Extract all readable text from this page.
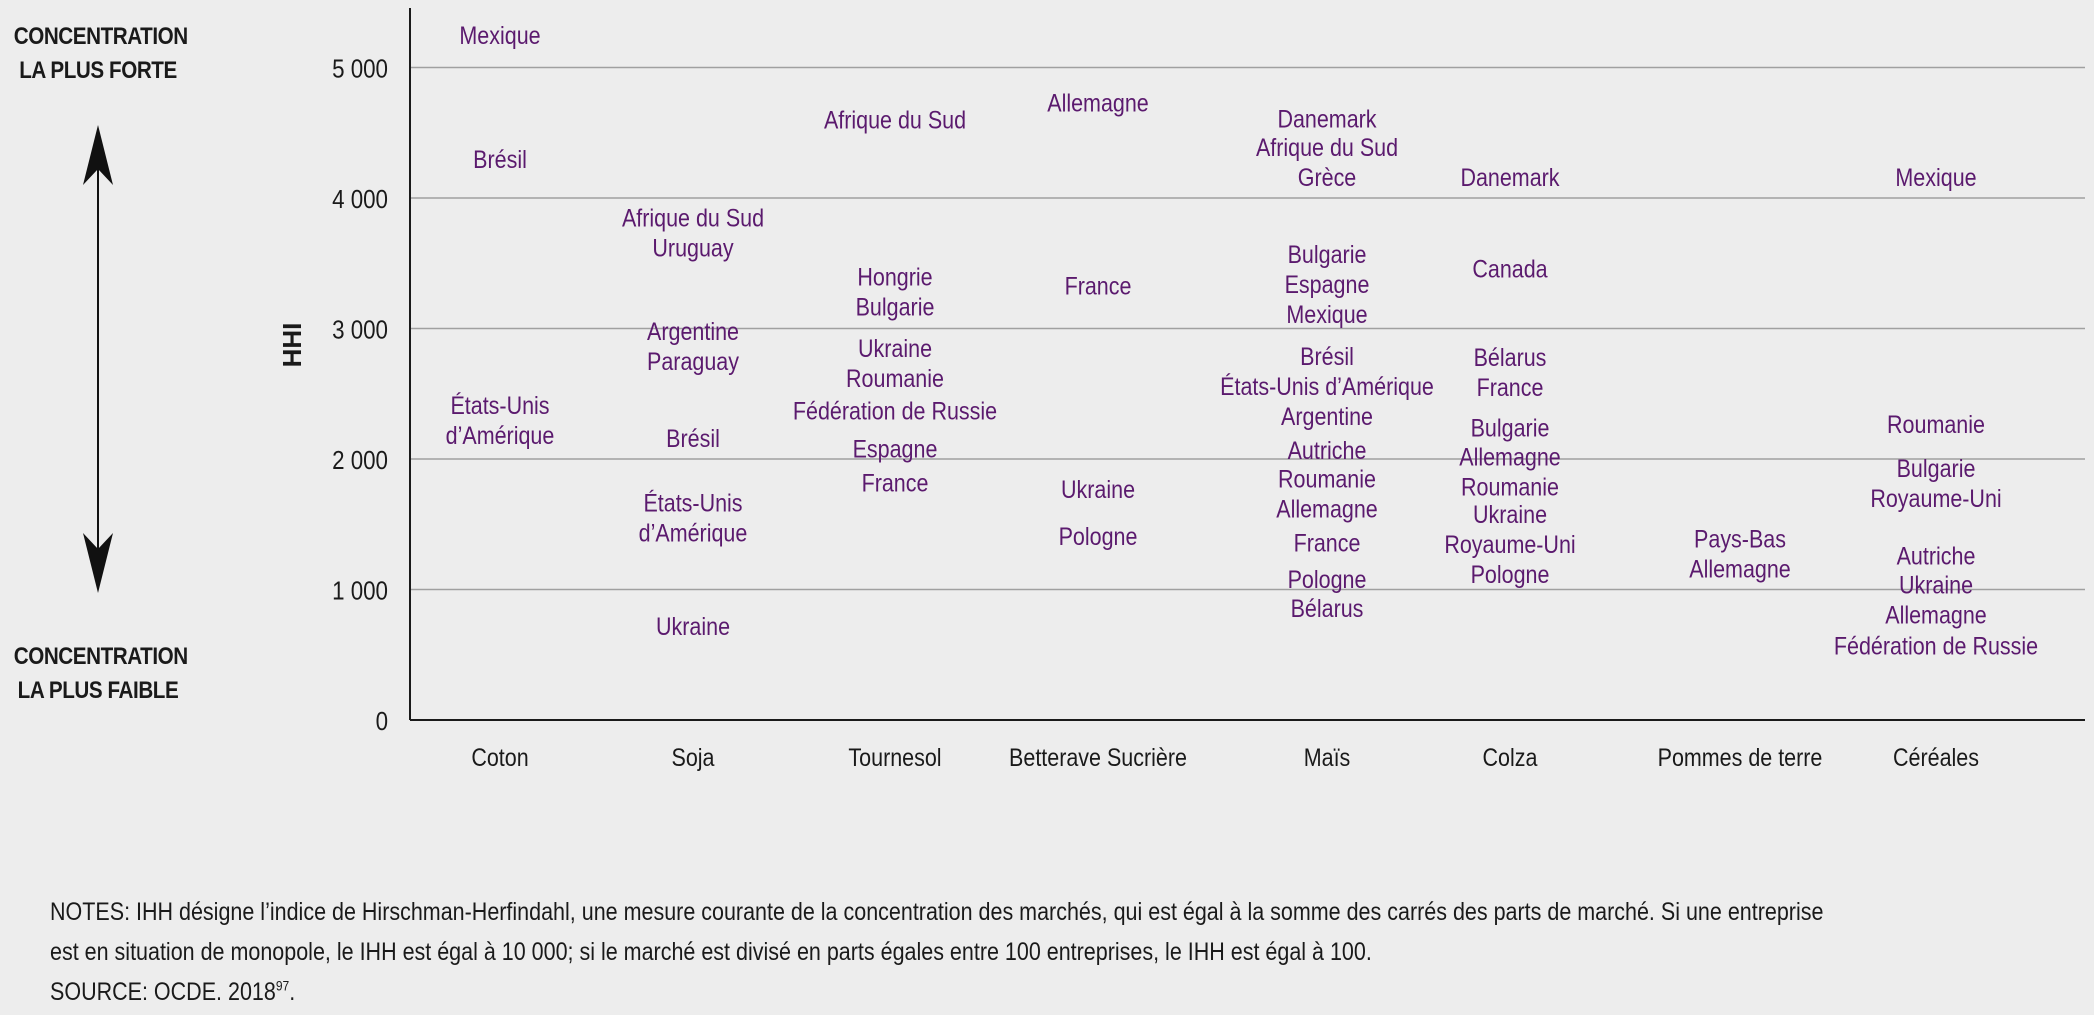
CONCENTRATION
LA PLUS FORTE
CONCENTRATION
LA PLUS FAIBLE
0
1 000
2 000
3 000
4 000
5 000
IHH
Coton	Soja	Tournesol	Betterave Sucrière	Maïs	Colza	Pommes de terre	Céréales
Mexique
Brésil
États-Unis
d’Amérique
Afrique du Sud
Uruguay
Argentine
Paraguay
Brésil
États-Unis
d’Amérique
Ukraine
Afrique du Sud
Hongrie
Bulgarie
Ukraine
Roumanie
Fédération de Russie
Espagne
France
Allemagne
France
Ukraine
Pologne
Danemark
Afrique du Sud
Grèce
Bulgarie
Espagne
Mexique
Brésil
États-Unis d’Amérique
Argentine
Autriche
Roumanie
Allemagne
France
Pologne
Bélarus
Danemark
Canada
Bélarus
France
Bulgarie
Allemagne
Roumanie
Ukraine
Royaume-Uni
Pologne
Pays-Bas
Allemagne
Mexique
Roumanie
Bulgarie
Royaume-Uni
Autriche
Ukraine
Allemagne
Fédération de Russie

NOTES: IHH désigne l’indice de Hirschman-Herfindahl, une mesure courante de la concentration des marchés, qui est égal à la somme des carrés des parts de marché. Si une entreprise

est en situation de monopole, le IHH est égal à 10 000; si le marché est divisé en parts égales entre 100 entreprises, le IHH est égal à 100.

SOURCE: OCDE. 2018$^{97}$.
